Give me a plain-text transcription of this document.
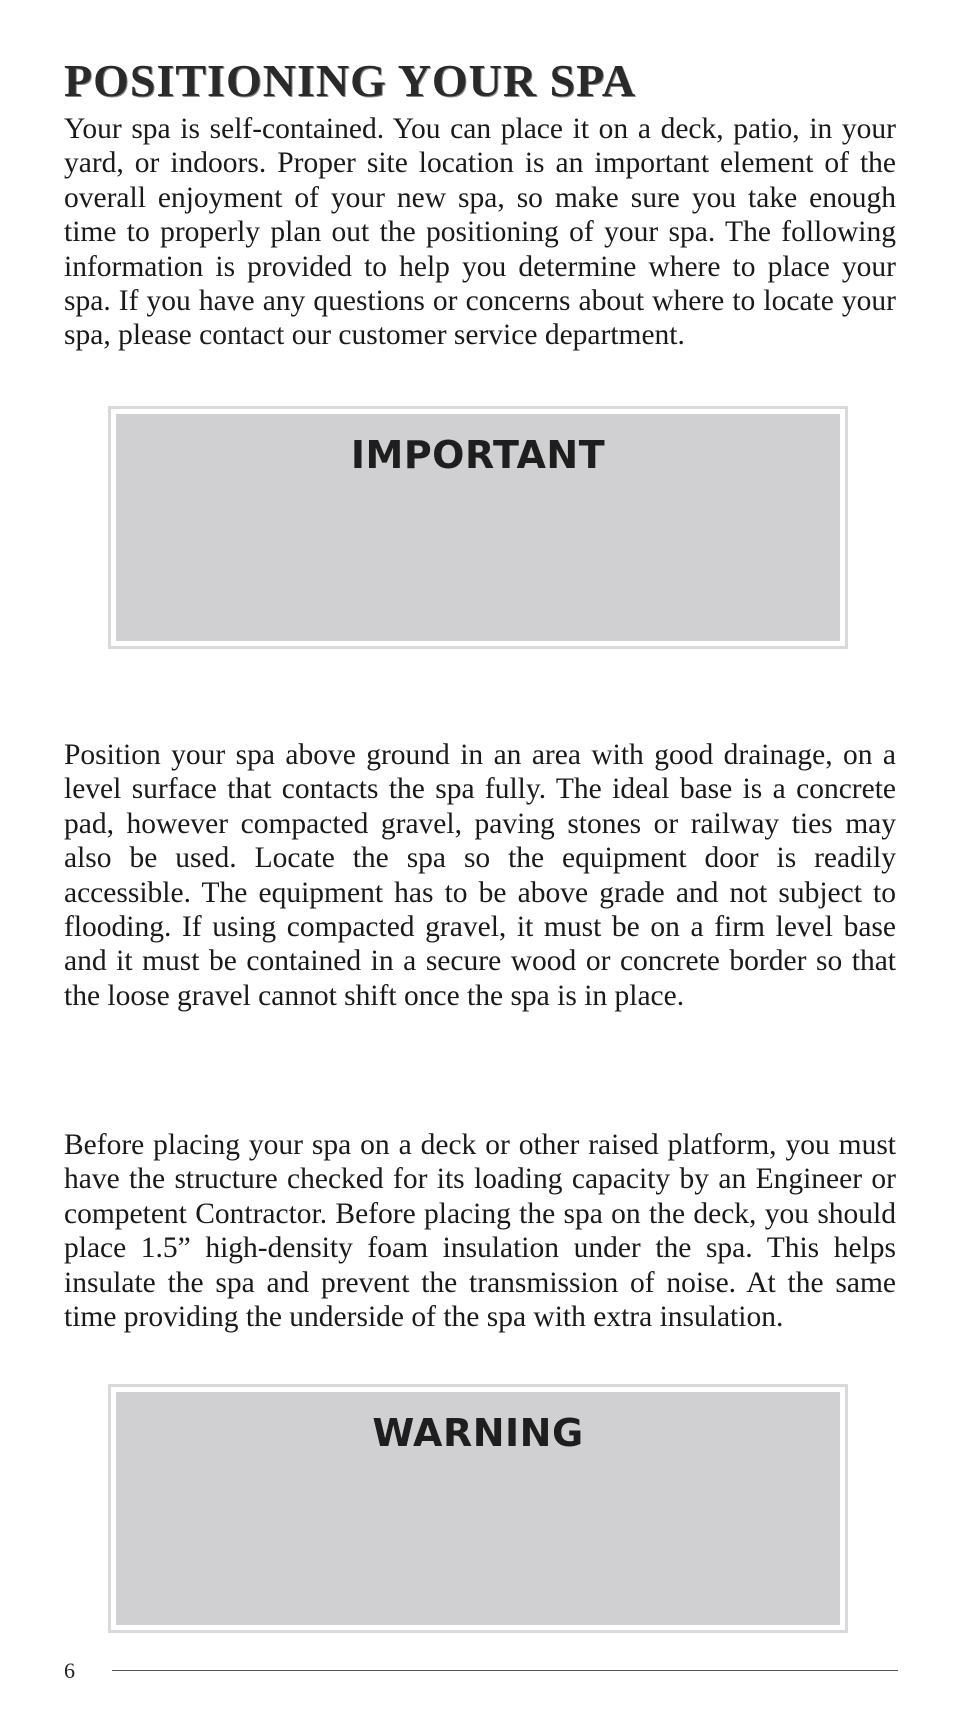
POSITIONING YOUR SPA

Your spa is self-contained. You can place it on a deck, patio, in your yard, or indoors. Proper site location is an important element of the overall enjoyment of your new spa, so make sure you take enough time to properly plan out the positioning of your spa. The following information is provided to help you determine where to place your spa. If you have any questions or concerns about where to locate your spa, please contact our customer service department.

IMPORTANT

Position your spa above ground in an area with good drainage, on a level surface that contacts the spa fully. The ideal base is a concrete pad, however compacted gravel, paving stones or railway ties may also be used. Locate the spa so the equipment door is readily accessible. The equipment has to be above grade and not subject to flooding. If using compacted gravel, it must be on a firm level base and it must be contained in a secure wood or concrete border so that the loose gravel cannot shift once the spa is in place.

Before placing your spa on a deck or other raised platform, you must have the structure checked for its loading capacity by an Engineer or competent Contractor. Before placing the spa on the deck, you should place 1.5” high-density foam insulation under the spa. This helps insulate the spa and prevent the transmission of noise. At the same time providing the underside of the spa with extra insulation.

WARNING
6
